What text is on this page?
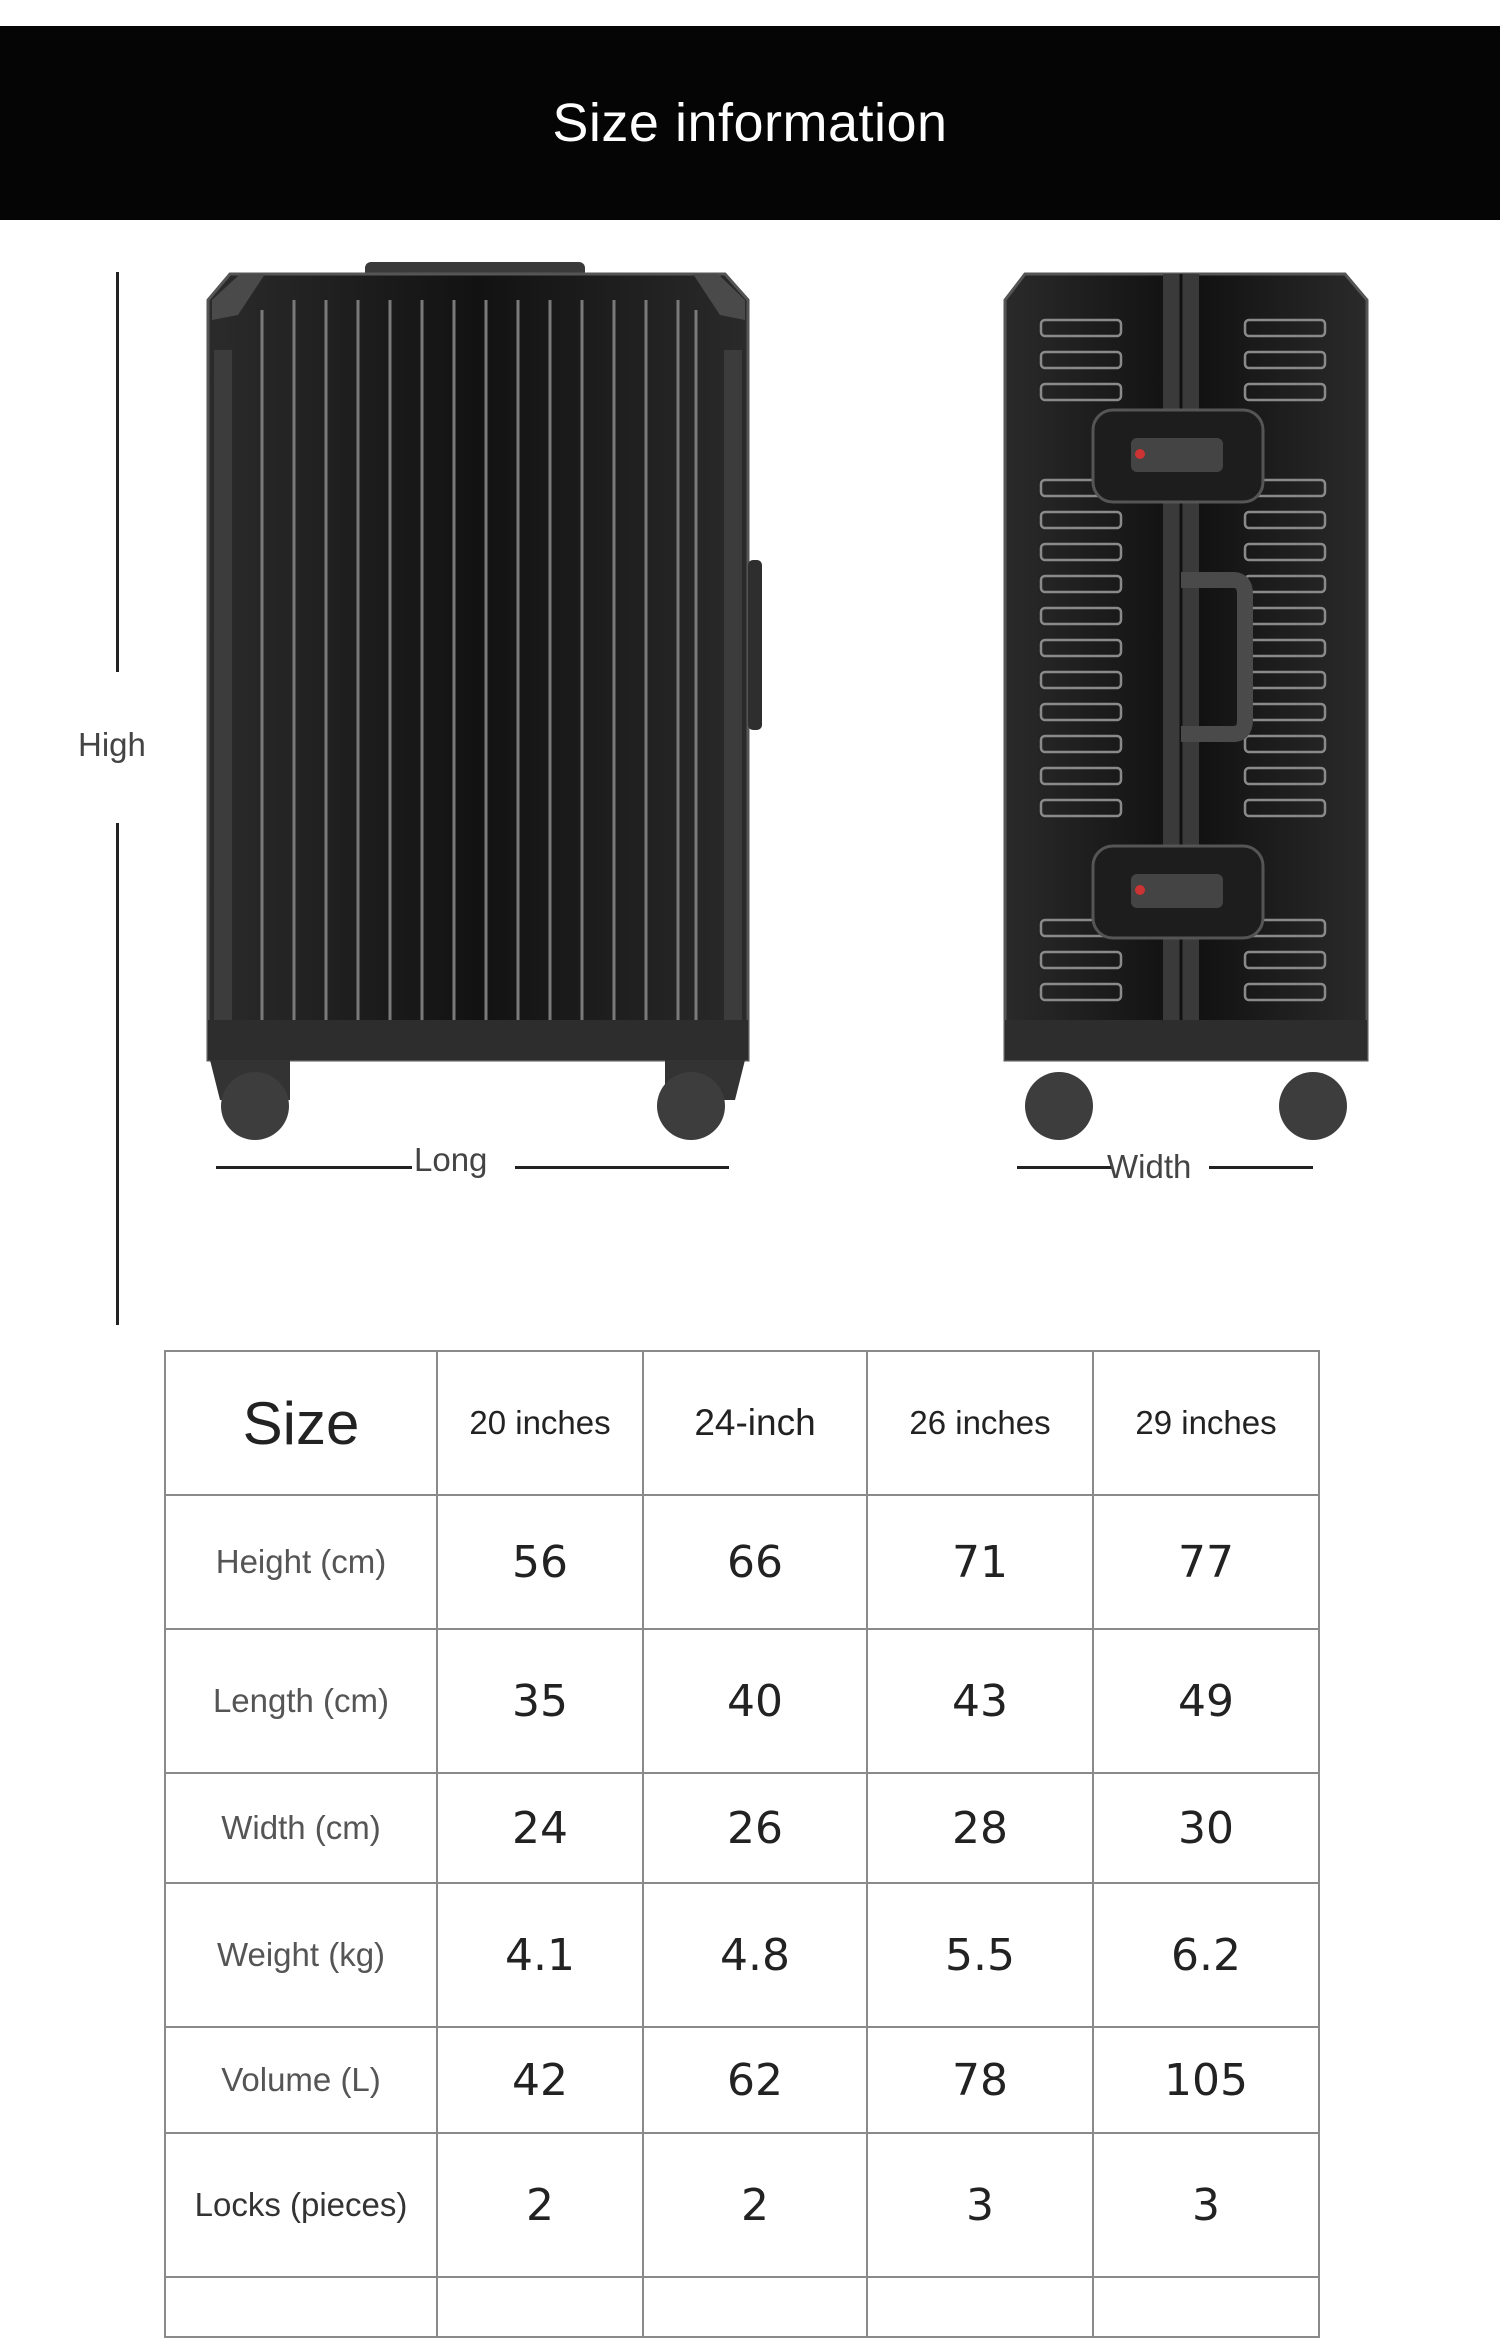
Size information
High
Long	Width
Size	20 inches	24-inch	26 inches	29 inches
Height (cm)	56	66	71	77
Length (cm)	35	40	43	49
Width (cm)	24	26	28	30
Weight (kg)	4.1	4.8	5.5	6.2
Volume (L)	42	62	78	105
Locks (pieces)	2	2	3	3
